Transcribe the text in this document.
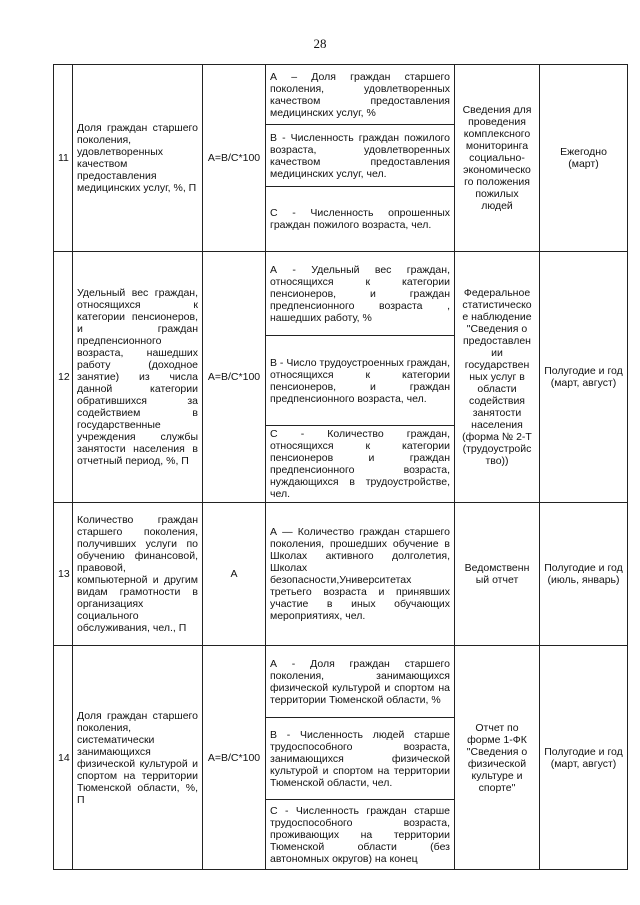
28
11	Доля граждан старшего поколения, удовлетворенных качеством предоставления медицинских услуг, %, П	А=В/С*100	А – Доля граждан старшего поколения, удовлетворенных качеством предоставления медицинских услуг, %	Сведения для проведения комплексного мониторинга социально-экономическо го положения пожилых людей	Ежегодно (март)
			В - Численность граждан пожилого возраста, удовлетворенных качеством предоставления медицинских услуг, чел.		
			С - Численность опрошенных граждан пожилого возраста, чел.		
12	Удельный вес граждан, относящихся к категории пенсионеров, и граждан предпенсионного возраста, нашедших работу (доходное занятие) из числа данной категории обратившихся за содействием в государственные учреждения службы занятости населения в отчетный период, %, П	А=В/С*100	А - Удельный вес граждан, относящихся к категории пенсионеров, и граждан предпенсионного возраста , нашедших работу, %	Федеральное статистическо е наблюдение "Сведения о предоставлен ии государствен ных услуг в области содействия занятости населения (форма № 2-Т (трудоустройс тво))	Полугодие и год (март, август)
			В - Число трудоустроенных граждан, относящихся к категории пенсионеров, и граждан предпенсионного возраста, чел.		
			С - Количество граждан, относящихся к категории пенсионеров и граждан предпенсионного возраста, нуждающихся в трудоустройстве, чел.		
13	Количество граждан старшего поколения, получивших услуги по обучению финансовой, правовой, компьютерной и другим видам грамотности в организациях социального обслуживания, чел., П	А	А — Количество граждан старшего поколения, прошедших обучение в Школах активного долголетия, Школах безопасности,Университетах третьего возраста и принявших участие в иных обучающих мероприятиях, чел.	Ведомственн ый отчет	Полугодие и год (июль, январь)
14	Доля граждан старшего поколения, систематически занимающихся физической культурой и спортом на территории Тюменской области, %, П	А=В/С*100	А - Доля граждан старшего поколения, занимающихся физической культурой и спортом на территории Тюменской области, %	Отчет по форме 1-ФК "Сведения о физической культуре и спорте"	Полугодие и год (март, август)
			В - Численность людей старше трудоспособного возраста, занимающихся физической культурой и спортом на территории Тюменской области, чел.		
			С - Численность граждан старше трудоспособного возраста, проживающих на территории Тюменской области (без автономных округов) на конец		
